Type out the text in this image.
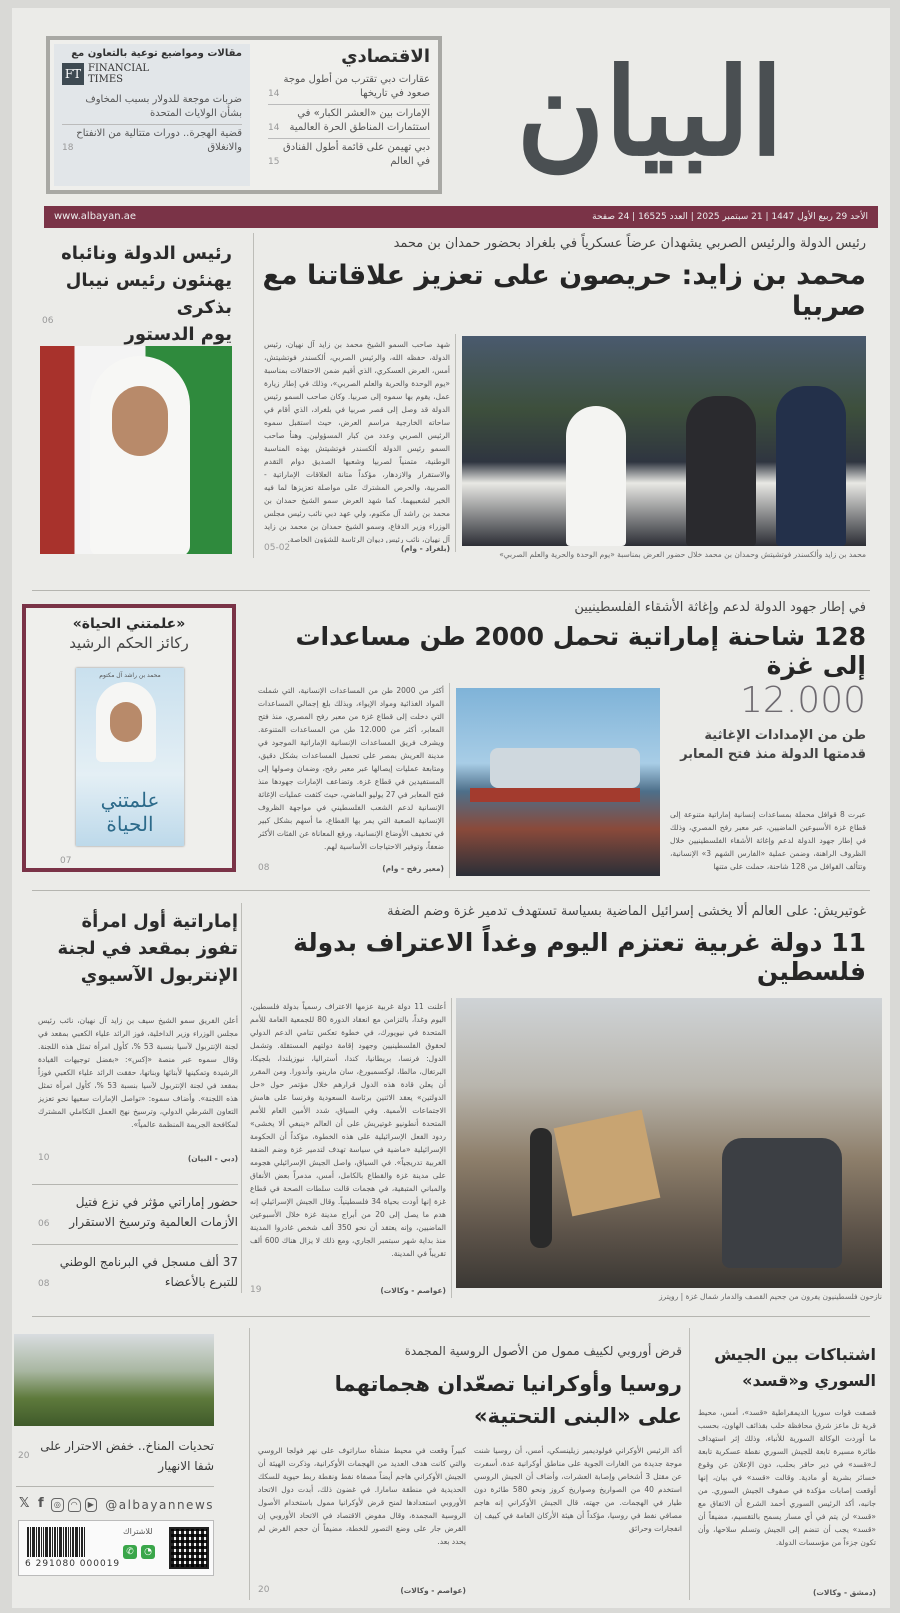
البيان
الاقتصادي
عقارات دبي تقترب من أطول موجة صعود في تاريخها
14
الإمارات بين «العشر الكبار» في استثمارات المناطق الحرة العالمية
14
دبي تهيمن على قائمة أطول الفنادق في العالم
15
مقالات ومواضيع توعية بالتعاون مع
FT FINANCIAL
TIMES
ضربات موجعة للدولار بسبب المخاوف بشأن الولايات المتحدة
قضية الهجرة.. دورات متتالية من الانفتاح والانغلاق
18
الأحد 29 ربيع الأول 1447 | 21 سبتمبر 2025 | العدد 16525 | 24 صفحة
www.albayan.ae
رئيس الدولة والرئيس الصربي يشهدان عرضاً عسكرياً في بلغراد بحضور حمدان بن محمد
محمد بن زايد: حريصون على تعزيز علاقاتنا مع صربيا
محمد بن زايد وألكسندر فوتشيتش وحمدان بن محمد خلال حضور العرض بمناسبة «يوم الوحدة والحرية والعلم الصربي»
شهد صاحب السمو الشيخ محمد بن زايد آل نهيان، رئيس الدولة، حفظه الله، والرئيس الصربي، ألكسندر فوتشيتش، أمس، العرض العسكري، الذي أقيم ضمن الاحتفالات بمناسبة «يوم الوحدة والحرية والعلم الصربي»، وذلك في إطار زيارة عمل، يقوم بها سموه إلى صربيا. وكان صاحب السمو رئيس الدولة قد وصل إلى قصر صربيا في بلغراد، الذي أقام في ساحاته الخارجية مراسم العرض، حيث استقبل سموه الرئيس الصربي وعدد من كبار المسؤولين. وهنأ صاحب السمو رئيس الدولة ألكسندر فوتشيتش بهذه المناسبة الوطنية، متمنياً لصربيا وشعبها الصديق دوام التقدم والاستقرار والازدهار، مؤكداً متانة العلاقات الإماراتية - الصربية، والحرص المشترك على مواصلة تعزيزها لما فيه الخير لشعبيهما. كما شهد العرض سمو الشيخ حمدان بن محمد بن راشد آل مكتوم، ولي عهد دبي نائب رئيس مجلس الوزراء وزير الدفاع، وسمو الشيخ حمدان بن محمد بن زايد آل نهيان، نائب رئيس ديوان الرئاسة للشؤون الخاصة.
(بلغراد - وام)
05-02
رئيس الدولة ونائباه
يهنئون رئيس نيبال بذكرى
يوم الدستور
06
في إطار جهود الدولة لدعم وإغاثة الأشقاء الفلسطينيين
128 شاحنة إماراتية تحمل 2000 طن مساعدات إلى غزة
12.000
طن من الإمدادات الإغاثية قدمتها الدولة منذ فتح المعابر
عبرت 8 قوافل محملة بمساعدات إنسانية إماراتية متنوعة إلى قطاع غزة الأسبوعين الماضيين، عبر معبر رفح المصري، وذلك في إطار جهود الدولة لدعم وإغاثة الأشقاء الفلسطينيين خلال الظروف الراهنة، وضمن عملية «الفارس الشهم 3» الإنسانية، وتتألف القوافل من 128 شاحنة، حملت على متنها
أكثر من 2000 طن من المساعدات الإنسانية، التي شملت المواد الغذائية ومواد الإيواء، وبذلك بلغ إجمالي المساعدات التي دخلت إلى قطاع غزة من معبر رفح المصري، منذ فتح المعابر، أكثر من 12.000 طن من المساعدات المتنوعة. ويشرف فريق المساعدات الإنسانية الإماراتية الموجود في مدينة العريش بمصر على تحميل المساعدات بشكل دقيق، ومتابعة عمليات إيصالها عبر معبر رفح، وضمان وصولها إلى المستفيدين في قطاع غزة. وتضاعف الإمارات جهودها منذ فتح المعابر في 27 يوليو الماضي، حيث كثفت عمليات الإغاثة الإنسانية لدعم الشعب الفلسطيني في مواجهة الظروف الإنسانية الصعبة التي يمر بها القطاع، ما أسهم بشكل كبير في تخفيف الأوضاع الإنسانية، ورفع المعاناة عن الفئات الأكثر ضعفاً، وتوفير الاحتياجات الأساسية لهم.
(معبر رفح - وام)
08
«علمتني الحياة»
ركائز الحكم الرشيد
محمد بن راشد آل مكتوم
علمتني الحياة
07
غوتيريش: على العالم ألا يخشى إسرائيل الماضية بسياسة تستهدف تدمير غزة وضم الضفة
11 دولة غربية تعتزم اليوم وغداً الاعتراف بدولة فلسطين
نازحون فلسطينيون يفرون من جحيم القصف والدمار شمال غزة | رويترز
أعلنت 11 دولة غربية عزمها الاعتراف رسمياً بدولة فلسطين، اليوم وغداً، بالتزامن مع انعقاد الدورة 80 للجمعية العامة للأمم المتحدة في نيويورك، في خطوة تعكس تنامي الدعم الدولي لحقوق الفلسطينيين وجهود إقامة دولتهم المستقلة. وتشمل الدول: فرنسا، بريطانيا، كندا، أستراليا، نيوزيلندا، بلجيكا، البرتغال، مالطا، لوكسمبورغ، سان مارينو، وأندورا. ومن المقرر أن يعلن قادة هذه الدول قرارهم خلال مؤتمر حول «حل الدولتين» يعقد الاثنين برئاسة السعودية وفرنسا على هامش الاجتماعات الأممية. وفي السياق، شدد الأمين العام للأمم المتحدة أنطونيو غوتيريش على أن العالم «ينبغي ألا يخشى» ردود الفعل الإسرائيلية على هذه الخطوة، مؤكداً أن الحكومة الإسرائيلية «ماضية في سياسة تهدف لتدمير غزة وضم الضفة الغربية تدريجياً». في السياق، واصل الجيش الإسرائيلي هجومه على مدينة غزة والقطاع بالكامل، أمس، مدمراً بعض الأنفاق والمباني المتبقية، في هجمات قالت سلطات الصحة في قطاع غزة إنها أودت بحياة 34 فلسطينياً. وقال الجيش الإسرائيلي إنه هدم ما يصل إلى 20 من أبراج مدينة غزة خلال الأسبوعين الماضيين، وإنه يعتقد أن نحو 350 ألف شخص غادروا المدينة منذ بداية شهر سبتمبر الجاري، ومع ذلك لا يزال هناك 600 ألف تقريباً في المدينة.
(عواصم - وكالات)
19
إماراتية أول امرأة
تفوز بمقعد في لجنة
الإنتربول الآسيوي
أعلن الفريق سمو الشيخ سيف بن زايد آل نهيان، نائب رئيس مجلس الوزراء وزير الداخلية، فوز الرائد علياء الكعبي بمقعد في لجنة الإنتربول لآسيا بنسبة 53 %، كأول امرأة تمثل هذه اللجنة. وقال سموه عبر منصة «إكس»: «بفضل توجيهات القيادة الرشيدة وتمكينها لأبنائها وبناتها، حققت الرائد علياء الكعبي فوزاً بمقعد في لجنة الإنتربول لآسيا بنسبة 53 %، كأول امرأة تمثل هذه اللجنة». وأضاف سموه: «تواصل الإمارات سعيها نحو تعزيز التعاون الشرطي الدولي، وترسيخ نهج العمل التكاملي المشترك لمكافحة الجريمة المنظمة عالمياً».
(دبي - البيان)
10
حضور إماراتي مؤثر في نزع فتيل الأزمات العالمية وترسيخ الاستقرار
06
37 ألف مسجل في البرنامج الوطني للتبرع بالأعضاء
08
اشتباكات بين الجيش
السوري و«قسد»
قصفت قوات سوريا الديمقراطية «قسد»، أمس، محيط قرية تل ماعز شرق محافظة حلب بقذائف الهاون، بحسب ما أوردت الوكالة السورية للأنباء، وذلك إثر استهداف طائرة مسيرة تابعة للجيش السوري نقطة عسكرية تابعة لـ«قسد» في دير حافر بحلب، دون الإعلان عن وقوع خسائر بشرية أو مادية. وقالت «قسد» في بيان، إنها أوقعت إصابات مؤكدة في صفوف الجيش السوري. من جانبه، أكد الرئيس السوري أحمد الشرع أن الاتفاق مع «قسد» لن يتم في أي مسار يسمح بالتقسيم، مضيفاً أن «قسد» يجب أن تنضم إلى الجيش وتسلم سلاحها، وأن تكون جزءاً من مؤسسات الدولة.
(دمشق - وكالات)
قرض أوروبي لكييف ممول من الأصول الروسية المجمدة
روسيا وأوكرانيا تصعّدان هجماتهما
على «البنى التحتية»
أكد الرئيس الأوكراني فولوديمير زيلينسكي، أمس، أن روسيا شنت موجة جديدة من الغارات الجوية على مناطق أوكرانية عدة، أسفرت عن مقتل 3 أشخاص وإصابة العشرات، وأضاف أن الجيش الروسي استخدم 40 من الصواريخ وصواريخ كروز ونحو 580 طائرة دون طيار في الهجمات. من جهته، قال الجيش الأوكراني إنه هاجم مصافي نفط في روسيا، مؤكداً أن هيئة الأركان العامة في كييف إن انفجارات وحرائق
كبيراً وقعت في محيط منشأة ساراتوف على نهر فولجا الروسي والتي كانت هدف العديد من الهجمات الأوكرانية، وذكرت الهيئة أن الجيش الأوكراني هاجم أيضاً مصفاة نفط ونقطة ربط حيوية للسكك الحديدية في منطقة سامارا. في غضون ذلك، أبدت دول الاتحاد الأوروبي استعدادها لمنح قرض لأوكرانيا ممول باستخدام الأصول الروسية المجمدة، وقال مفوض الاقتصاد في الاتحاد الأوروبي إن القرض جار على وضع التصور للخطة، مضيفاً أن حجم القرض لم يحدد بعد.
(عواصم - وكالات)
20
تحديات المناخ.. خفض الاحترار على شفا الانهيار
20
𝕏 f	◎	◠	▶ @albayannews
6 291080 000019
للاشتراك
✆	◔
